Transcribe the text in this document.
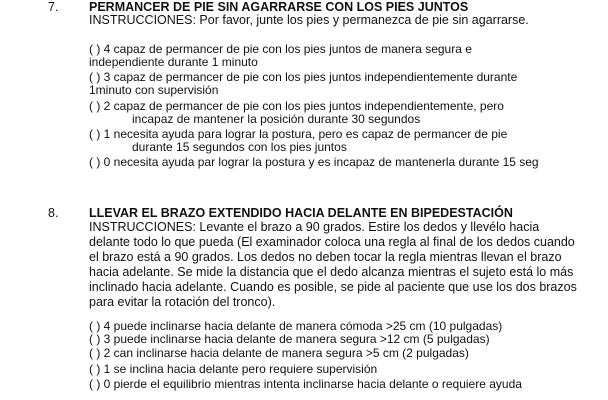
7. PERMANCER DE PIE SIN AGARRARSE CON LOS PIES JUNTOS
INSTRUCCIONES: Por favor, junte los pies y permanezca de pie sin agarrarse.
( ) 4 capaz de permancer de pie con los pies juntos de manera segura e
independiente durante 1 minuto
( ) 3 capaz de permancer de pie con los pies juntos independientemente durante
1minuto con supervisión
( ) 2 capaz de permancer de pie con los pies juntos independientemente, pero
incapaz de mantener la posición durante 30 segundos
( ) 1 necesita ayuda para lograr la postura, pero es capaz de permancer de pie
durante 15 segundos con los pies juntos
( ) 0 necesita ayuda par lograr la postura y es incapaz de mantenerla durante 15 seg
8. LLEVAR EL BRAZO EXTENDIDO HACIA DELANTE EN BIPEDESTACIÓN
INSTRUCCIONES: Levante el brazo a 90 grados. Estire los dedos y llevélo hacia
delante todo lo que pueda (El examinador coloca una regla al final de los dedos cuando
el brazo está a 90 grados. Los dedos no deben tocar la regla mientras llevan el brazo
hacia adelante. Se mide la distancia que el dedo alcanza mientras el sujeto está lo más
inclinado hacia adelante. Cuando es posible, se pide al paciente que use los dos brazos
para evitar la rotación del tronco).
( ) 4 puede inclinarse hacia delante de manera cómoda >25 cm (10 pulgadas)
( ) 3 puede inclinarse hacia delante de manera segura >12 cm (5 pulgadas)
( ) 2 can inclinarse hacia delante de manera segura >5 cm (2 pulgadas)
( ) 1 se inclina hacia delante pero requiere supervisión
( ) 0 pierde el equilibrio mientras intenta inclinarse hacia delante o requiere ayuda
